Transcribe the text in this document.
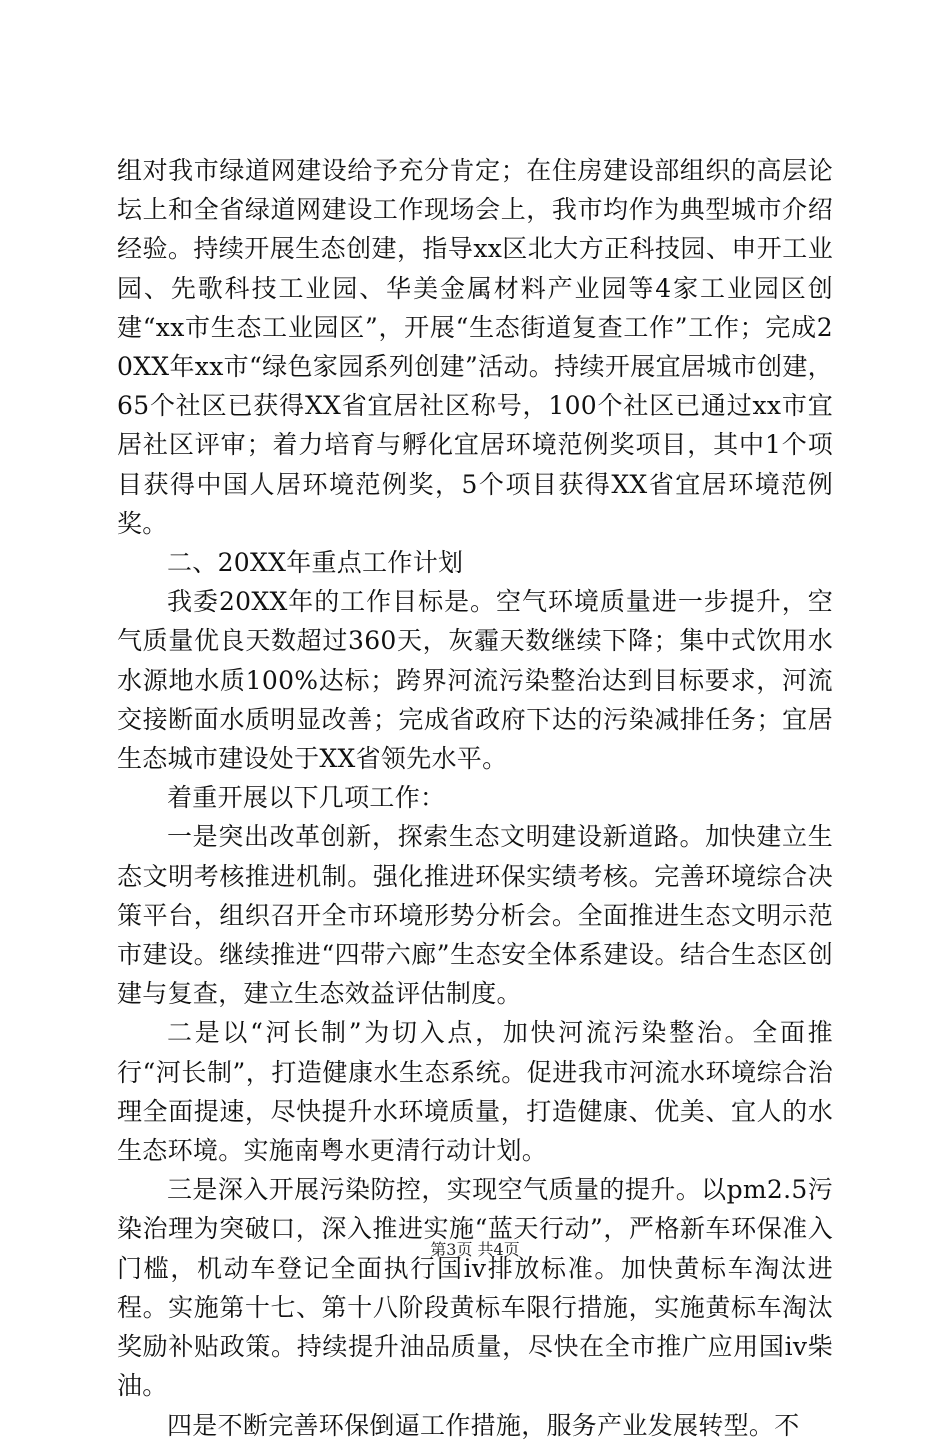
组对我市绿道网建设给予充分肯定；在住房建设部组织的高层论坛上和全省绿道网建设工作现场会上，我市均作为典型城市介绍经验。持续开展生态创建，指导xx区北大方正科技园、申开工业园、先歌科技工业园、华美金属材料产业园等4家工业园区创建“xx市生态工业园区”，开展“生态街道复查工作”工作；完成20XX年xx市“绿色家园系列创建”活动。持续开展宜居城市创建，65个社区已获得XX省宜居社区称号，100个社区已通过xx市宜居社区评审；着力培育与孵化宜居环境范例奖项目，其中1个项目获得中国人居环境范例奖，5个项目获得XX省宜居环境范例奖。

二、20XX年重点工作计划

我委20XX年的工作目标是。空气环境质量进一步提升，空气质量优良天数超过360天，灰霾天数继续下降；集中式饮用水水源地水质100%达标；跨界河流污染整治达到目标要求，河流交接断面水质明显改善；完成省政府下达的污染减排任务；宜居生态城市建设处于XX省领先水平。

着重开展以下几项工作：

一是突出改革创新，探索生态文明建设新道路。加快建立生态文明考核推进机制。强化推进环保实绩考核。完善环境综合决策平台，组织召开全市环境形势分析会。全面推进生态文明示范市建设。继续推进“四带六廊”生态安全体系建设。结合生态区创建与复查，建立生态效益评估制度。

二是以“河长制”为切入点，加快河流污染整治。全面推行“河长制”，打造健康水生态系统。促进我市河流水环境综合治理全面提速，尽快提升水环境质量，打造健康、优美、宜人的水生态环境。实施南粤水更清行动计划。

三是深入开展污染防控，实现空气质量的提升。以pm2.5污染治理为突破口，深入推进实施“蓝天行动”，严格新车环保准入门槛，机动车登记全面执行国iv排放标准。加快黄标车淘汰进程。实施第十七、第十八阶段黄标车限行措施，实施黄标车淘汰奖励补贴政策。持续提升油品质量，尽快在全市推广应用国iv柴油。

四是不断完善环保倒逼工作措施，服务产业发展转型。不

第3页 共4页
